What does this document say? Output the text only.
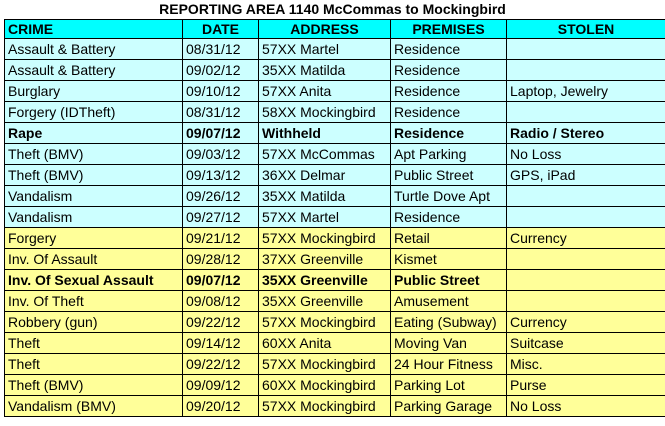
REPORTING AREA 1140 McCommas to Mockingbird
CRIME	DATE	ADDRESS	PREMISES	STOLEN
Assault & Battery	08/31/12	57XX Martel	Residence	
Assault & Battery	09/02/12	35XX Matilda	Residence	
Burglary	09/10/12	57XX Anita	Residence	Laptop, Jewelry
Forgery (IDTheft)	08/31/12	58XX Mockingbird	Residence	
Rape	09/07/12	Withheld	Residence	Radio / Stereo
Theft (BMV)	09/03/12	57XX McCommas	Apt Parking	No Loss
Theft (BMV)	09/13/12	36XX Delmar	Public Street	GPS, iPad
Vandalism	09/26/12	35XX Matilda	Turtle Dove Apt	
Vandalism	09/27/12	57XX Martel	Residence	
Forgery	09/21/12	57XX Mockingbird	Retail	Currency
Inv. Of Assault	09/28/12	37XX Greenville	Kismet	
Inv. Of Sexual Assault	09/07/12	35XX Greenville	Public Street	
Inv. Of Theft	09/08/12	35XX Greenville	Amusement	
Robbery (gun)	09/22/12	57XX Mockingbird	Eating (Subway)	Currency
Theft	09/14/12	60XX Anita	Moving Van	Suitcase
Theft	09/22/12	57XX Mockingbird	24 Hour Fitness	Misc.
Theft (BMV)	09/09/12	60XX Mockingbird	Parking Lot	Purse
Vandalism (BMV)	09/20/12	57XX Mockingbird	Parking Garage	No Loss
